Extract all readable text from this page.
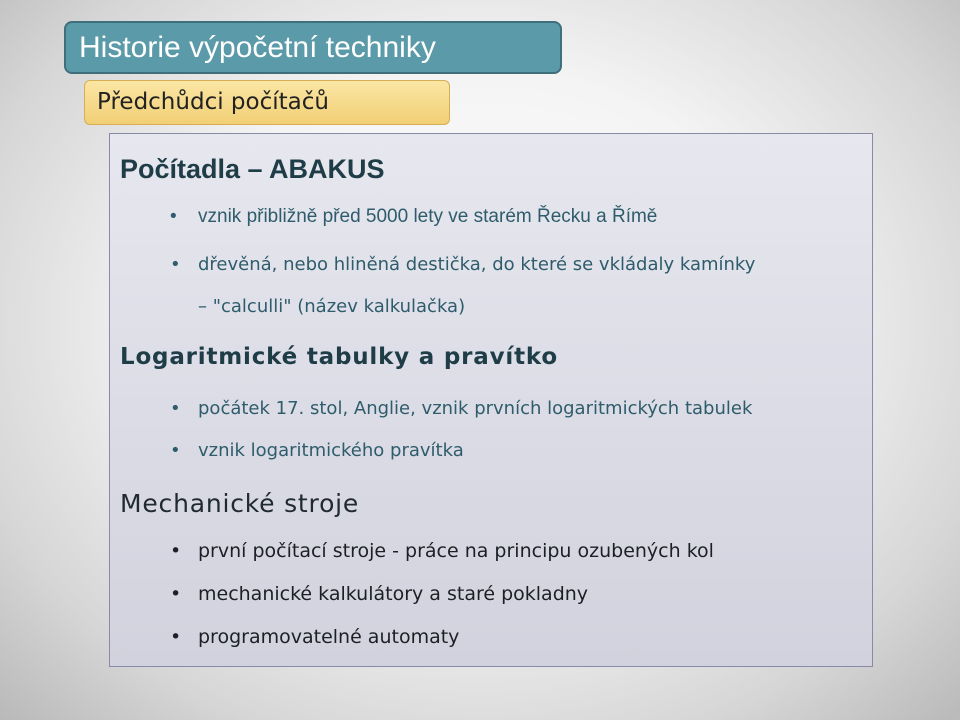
Historie výpočetní techniky
Předchůdci počítačů
Počítadla – ABAKUS
• vznik přibližně před 5000 lety ve starém Řecku a Římě
• dřevěná, nebo hliněná destička, do které se vkládaly kamínky
– "calculli" (název kalkulačka)
Logaritmické tabulky a pravítko
• počátek 17. stol, Anglie, vznik prvních logaritmických tabulek
• vznik logaritmického pravítka
Mechanické stroje
• první počítací stroje - práce na principu ozubených kol
• mechanické kalkulátory a staré pokladny
• programovatelné automaty
